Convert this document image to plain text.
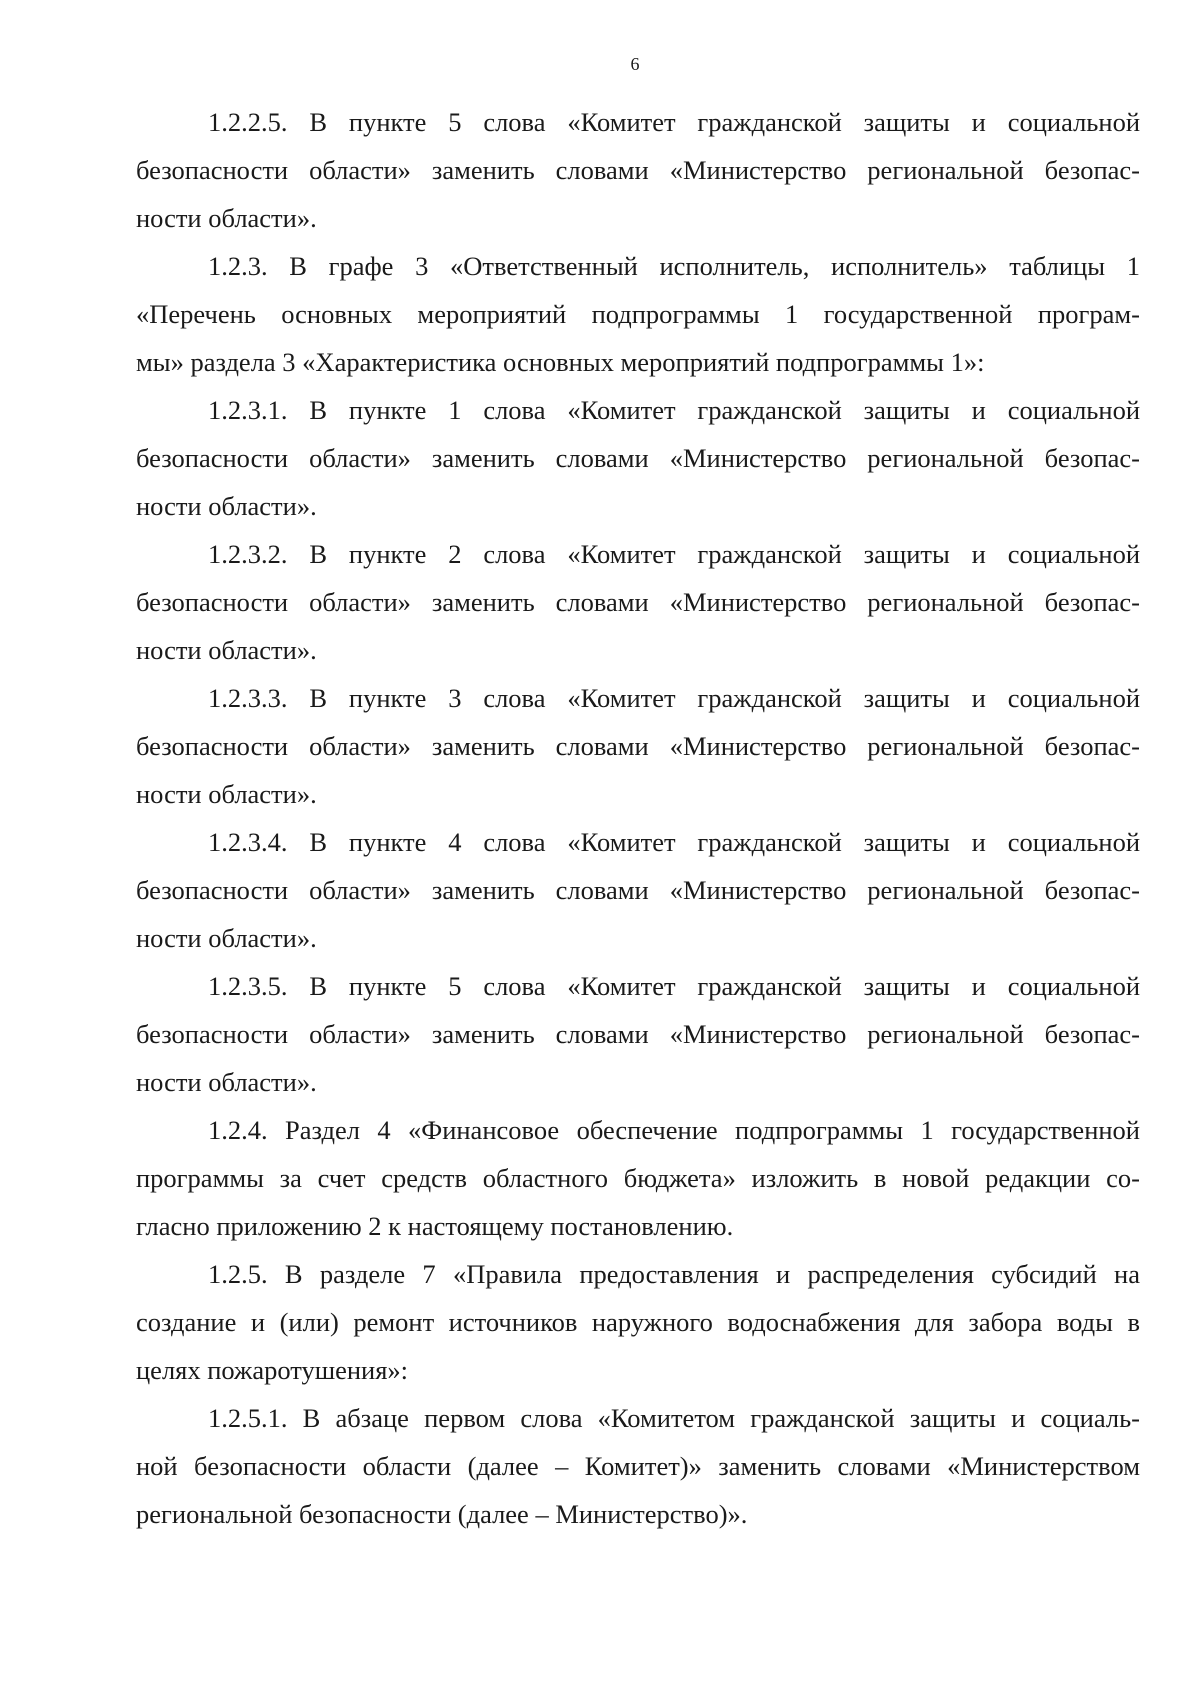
6
1.2.2.5. В пункте 5 слова «Комитет гражданской защиты и социальной
безопасности области» заменить словами «Министерство региональной безопас-
ности области».
1.2.3. В графе 3 «Ответственный исполнитель, исполнитель» таблицы 1
«Перечень основных мероприятий подпрограммы 1 государственной програм-
мы» раздела 3 «Характеристика основных мероприятий подпрограммы 1»:
1.2.3.1. В пункте 1 слова «Комитет гражданской защиты и социальной
безопасности области» заменить словами «Министерство региональной безопас-
ности области».
1.2.3.2. В пункте 2 слова «Комитет гражданской защиты и социальной
безопасности области» заменить словами «Министерство региональной безопас-
ности области».
1.2.3.3. В пункте 3 слова «Комитет гражданской защиты и социальной
безопасности области» заменить словами «Министерство региональной безопас-
ности области».
1.2.3.4. В пункте 4 слова «Комитет гражданской защиты и социальной
безопасности области» заменить словами «Министерство региональной безопас-
ности области».
1.2.3.5. В пункте 5 слова «Комитет гражданской защиты и социальной
безопасности области» заменить словами «Министерство региональной безопас-
ности области».
1.2.4. Раздел 4 «Финансовое обеспечение подпрограммы 1 государственной
программы за счет средств областного бюджета» изложить в новой редакции со-
гласно приложению 2 к настоящему постановлению.
1.2.5. В разделе 7 «Правила предоставления и распределения субсидий на
создание и (или) ремонт источников наружного водоснабжения для забора воды в
целях пожаротушения»:
1.2.5.1. В абзаце первом слова «Комитетом гражданской защиты и социаль-
ной безопасности области (далее – Комитет)» заменить словами «Министерством
региональной безопасности (далее – Министерство)».
